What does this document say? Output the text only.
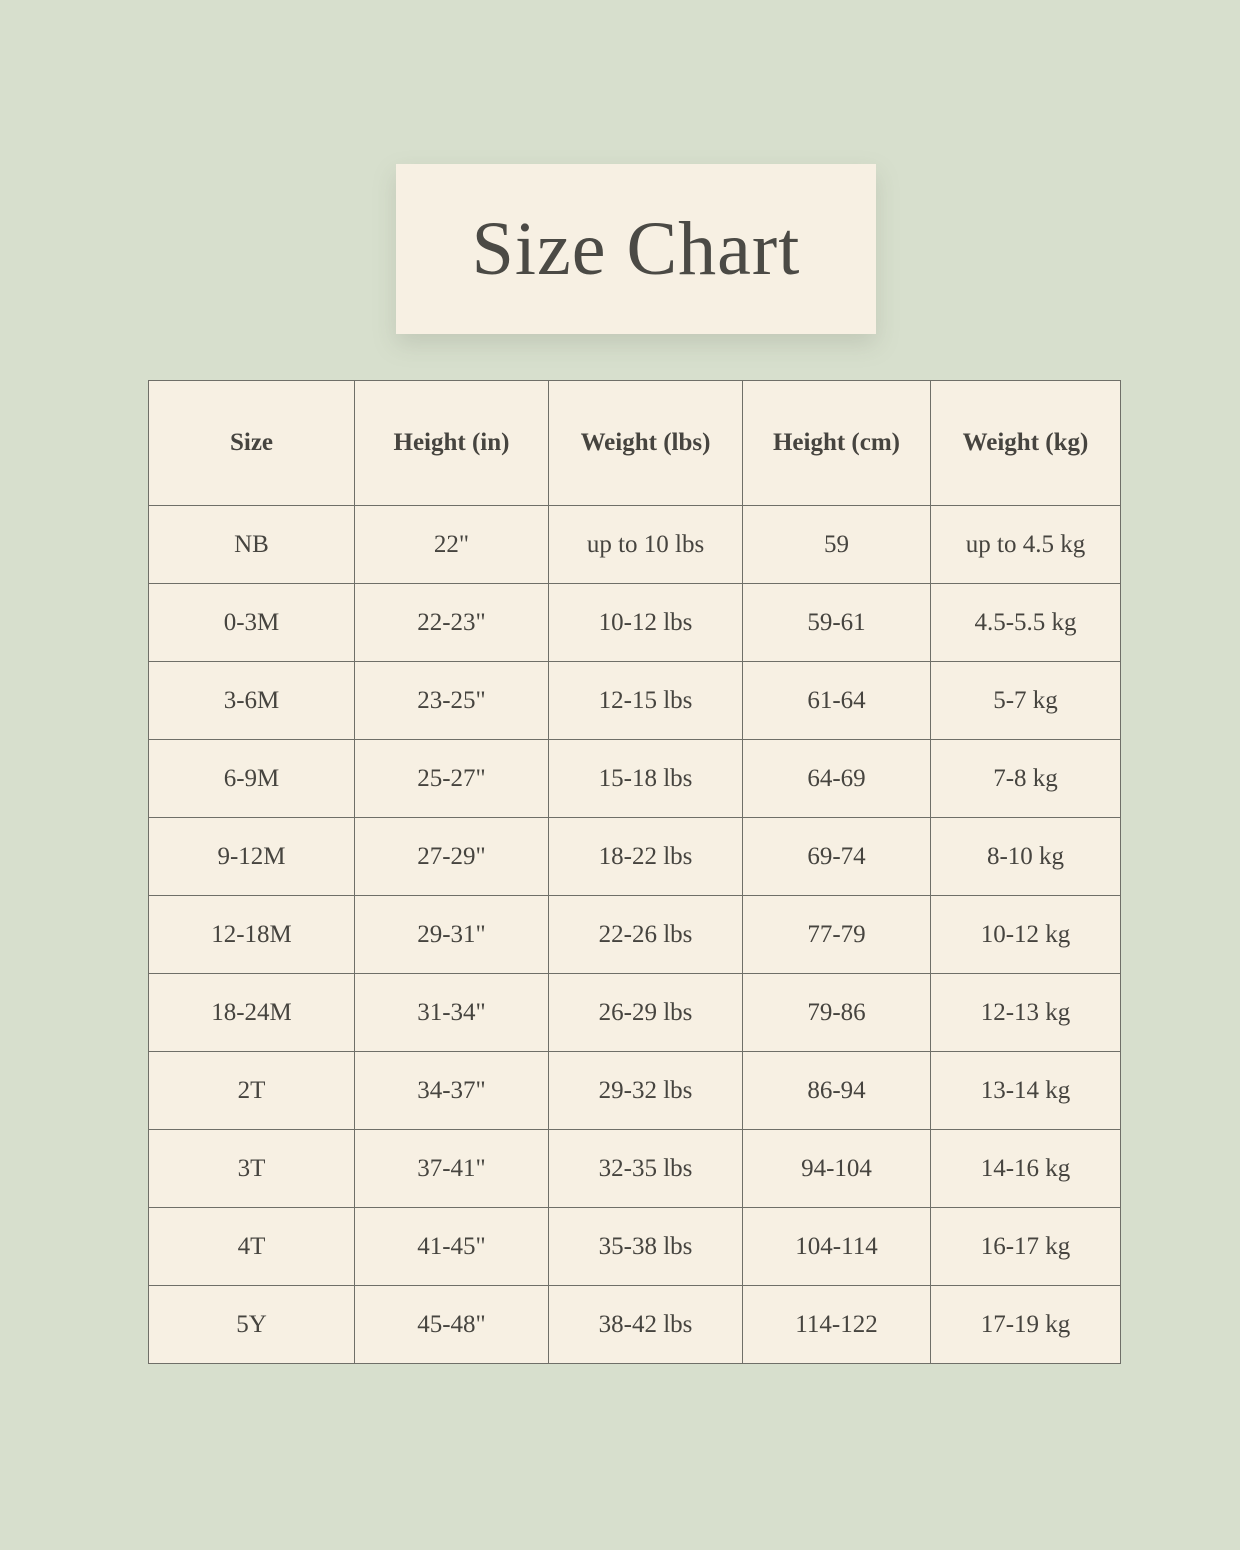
Size Chart
Size	Height (in)	Weight (lbs)	Height (cm)	Weight (kg)
NB	22"	up to 10 lbs	59	up to 4.5 kg
0-3M	22-23"	10-12 lbs	59-61	4.5-5.5 kg
3-6M	23-25"	12-15 lbs	61-64	5-7 kg
6-9M	25-27"	15-18 lbs	64-69	7-8 kg
9-12M	27-29"	18-22 lbs	69-74	8-10 kg
12-18M	29-31"	22-26 lbs	77-79	10-12 kg
18-24M	31-34"	26-29 lbs	79-86	12-13 kg
2T	34-37"	29-32 lbs	86-94	13-14 kg
3T	37-41"	32-35 lbs	94-104	14-16 kg
4T	41-45"	35-38 lbs	104-114	16-17 kg
5Y	45-48"	38-42 lbs	114-122	17-19 kg
